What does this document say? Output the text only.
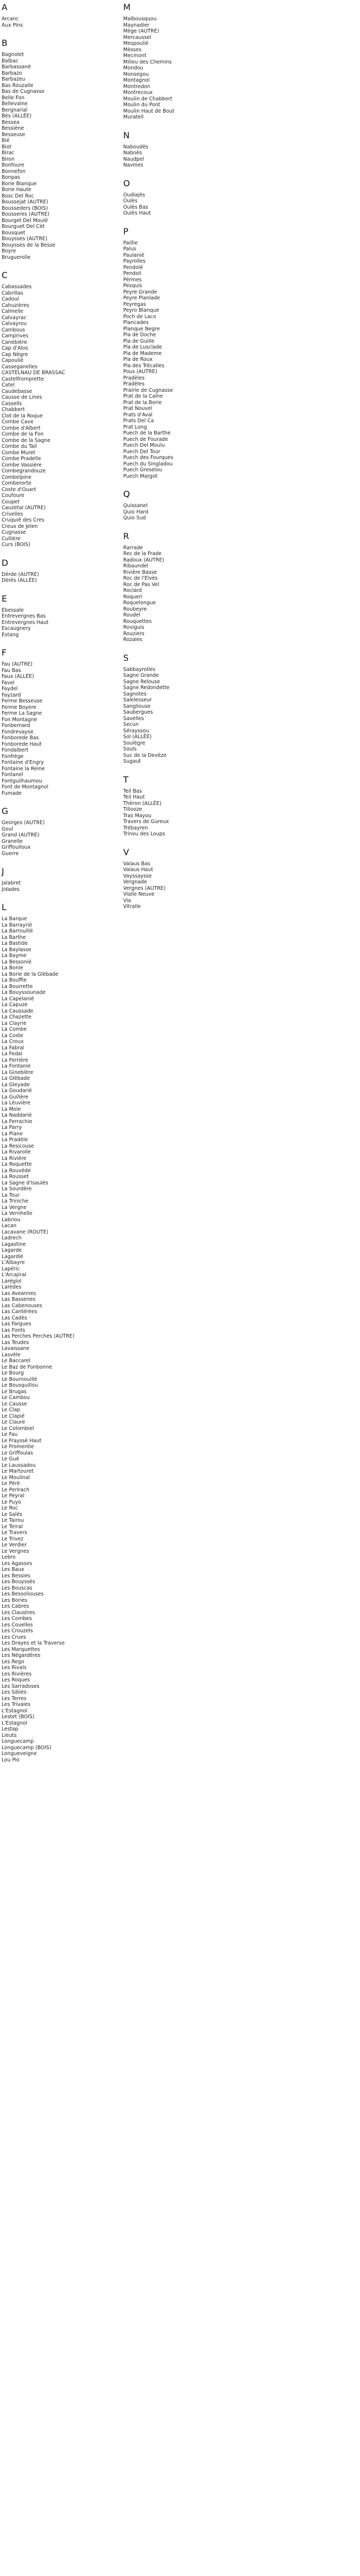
A
Arcanc
Aux Pins
B
Bagnolet
Balbac
Barbassané
Barbazo
Barbazeu
Bas Rouzalle
Bas de Cugnasse
Belle Fon
Bellevalne
Bergnarial
Bès (ALLÉE)
Bessea
Bessiène
Besseuse
Bié
Biot
Birac
Biron
Bonfoure
Bonnefon
Bonpas
Borie Blanque
Borie Haute
Bosc Del Roc
Boussejat (AUTRE)
Bousseders (BOIS)
Bousseres (AUTRE)
Bourget Del Moulé
Bourguet Del Cèt
Bousquet
Bouysses (AUTRE)
Bouysses de la Besse
Boyre
Bruguerolle
C
Cabassades
Cabrillas
Cadoul
Cahuzières
Calmelle
Calvayrac
Calvayrou
Cambous
Camprives
Canebière
Cap d'Alos
Cap Nègre
Capoulié
Casseganelles
CASTELNAU DE BRASSAC
Castelfromprette
Catel
Caudebasse
Causse de Lines
Cassells
Chabbert
Clot de la Roque
Combe Cave
Combe d'Albert
Combe de la Fon
Combe de la Sagne
Combe du Tail
Combe Muret
Combe Pradelle
Combe Vassière
Combegrandouze
Combelpine
Comberorte
Coste d'Ouart
Coufoure
Coupet
Cauzetal (AUTRE)
Crivelles
Cruquié des Cres
Creux de Jelen
Cugnasse
Cullière
Curs (BOIS)
D
Dèrde (AUTRE)
Dèrès (ALLÉE)
E
Ebessale
Entrevergnes Bas
Entrevergnes Haut
Escaugnery
Estang
F
Fau (AUTRE)
Fau Bas
Faux (ALLÉE)
Favel
Faydel
Fayzard
Ferme Besseuse
Ferme Boyere
Ferme La Sagne
Fon Montagne
Fonbernard
Fondrevayse
Fonborede Bas
Fonborede Haut
Fondalbert
Fonfrège
Fontaine d'Engry
Fontaine la Reine
Fontanel
Fontguilhaumou
Font de Montagnol
Fumade
G
Georges (AUTRE)
Goul
Grand (AUTRE)
Granelle
Griffoulloux
Guerre
J
Jalabret
Jidades
L
La Barque
La Barrayrié
La Barrouillé
La Barthe
La Bastide
La Baylasse
La Bayme
La Bessonié
La Bonie
La Borie de la Glèbade
La Bouffie
La Bourrette
La Bouyssounade
La Capelanié
La Capuze
La Caussade
La Chazette
La Clayrie
La Combe
La Coste
La Croux
La Fabral
La Fedal
La Ferrière
La Fontanie
La Gineblère
La Glèbade
La Gleyade
La Goudarié
La Guillère
La Lèuvière
La Mole
La Naddarié
La Ferrachie
La Parry
La Plane
La Pradèle
La Resicouse
La Rivarolle
La Rivière
La Roquette
La Rouvède
La Rousset
La Sagne d'Isaulès
La Sourdère
La Tour
La Triniche
La Vergne
La Vernhelle
Labriou
Lacan
Lacavane (ROUTE)
Ladrech
Lagastine
Lagarde
Lagardié
L'Albayre
Lapéric
L'Arcajiral
Larégiol
Larèdes
Las Aveannes
Las Bassenes
Las Cabenouses
Las Cantérées
Las Cadès
Las Fargues
Las Fonts
Las Perches Perches (AUTRE)
Las Teudes
Lavaissane
Lasvèle
Le Baccarel
Le Baz de Fonbonne
Le Bourg
Le Bournouillé
Le Bousquillou
Le Brugas
Le Cambou
Le Causse
Le Clap
Le Clapié
Le Claure
Le Colombiel
Le Fau
Le Frayssé Haut
Le Fromentie
Le Griffoulas
Le Gué
Le Laussadou
Le Martouret
Le Moulinal
Le Pèré
Le Perlrach
Le Peyral
Le Puyo
Le Roc
Le Salès
Le Tairou
Le Terral
Le Travers
Le Trivez
Le Verdier
Le Vergnes
Lebro
Les Agasses
Les Baux
Les Bessies
Les Bouyssès
Les Bouscas
Les Bessoliouses
Les Bories
Les Cabres
Les Claustres
Les Combes
Les Couelles
Les Crouzels
Les Crues
Les Drayes et la Traverse
Les Marquettes
Les Négardéres
Les Rego
Les Rivals
Les Rivières
Les Roques
Les Sarradoses
Les Sibiés
Les Terres
Les Trivales
L'Estagnol
Lestet (BOIS)
L'Estagnol
Lestap
Lieuts
Longuecamp
Longuecamp (BOIS)
Longueveigne
Lou Pio
M
Malbousquou
Maynadier
Mège (AUTRE)
Mercaussel
Mespoulié
Mèsses
Mecmont
Milieu des Chemins
Mondou
Monsegou
Montagnol
Montredon
Montrecoux
Moulin de Chabbert
Moulin du Pont
Moulin Haut de Bout
Murateil
N
Naboudès
Naboès
Naudpel
Navines
O
Oudiajès
Oulès
Oulès Bas
Oulès Haut
P
Paillie
Palus
Paulanié
Payrolles
Pendolé
Pendoli
Pérmes
Pesquis
Peyre Grande
Peyre Planlade
Peyregas
Peyro Blanque
Poch de Laco
Plancades
Planque Negre
Pla de Doche
Pla de Guille
Pla de Lusclade
Pla de Mademe
Pla de Roux
Pla des Trécalles
Pous (AUTRE)
Pradèles
Pradèles
Prairie de Cugnasse
Prat de la Caîne
Prat de la Borie
Prat Nouvel
Prats d'Aval
Prats Del Ca
Prat Long
Puech de la Barthe
Puech de Fourade
Puech Del Moulu
Puech Del Tour
Puech des Fourques
Puech du Singladou
Puech Greselou
Puech Margot
Q
Quissanel
Quio Hard
Quio Sud
R
Rarrade
Rec de la Frade
Radoux (AUTRE)
Ribaundel
Rivière Basse
Roc de l'Elvès
Roc de Pas Vel
Roclard
Roqueri
Roquelongue
Roubeyre
Roudel
Rouquettes
Roviguis
Rouziers
Rozales
S
Sabbayrolles
Sagne Grande
Sagne Relouse
Sagne Redondette
Sagnotes
Salelesseur
Sangliouse
Saubergues
Savelles
Secun
Sérayssou
Sol (ALLÉE)
Soulègre
Souls
Suc de la Devèze
Sugaut
T
Teil Bas
Teil Haut
Thèron (ALLÉE)
Tillooze
Tras Mayou
Travers de Gureux
Trébayren
Trinou des Loups
V
Valaus Bas
Valaus Haut
Vayssaysse
Vergnade
Vergnes (AUTRE)
Vialle Neuve
Via
Vitralle
